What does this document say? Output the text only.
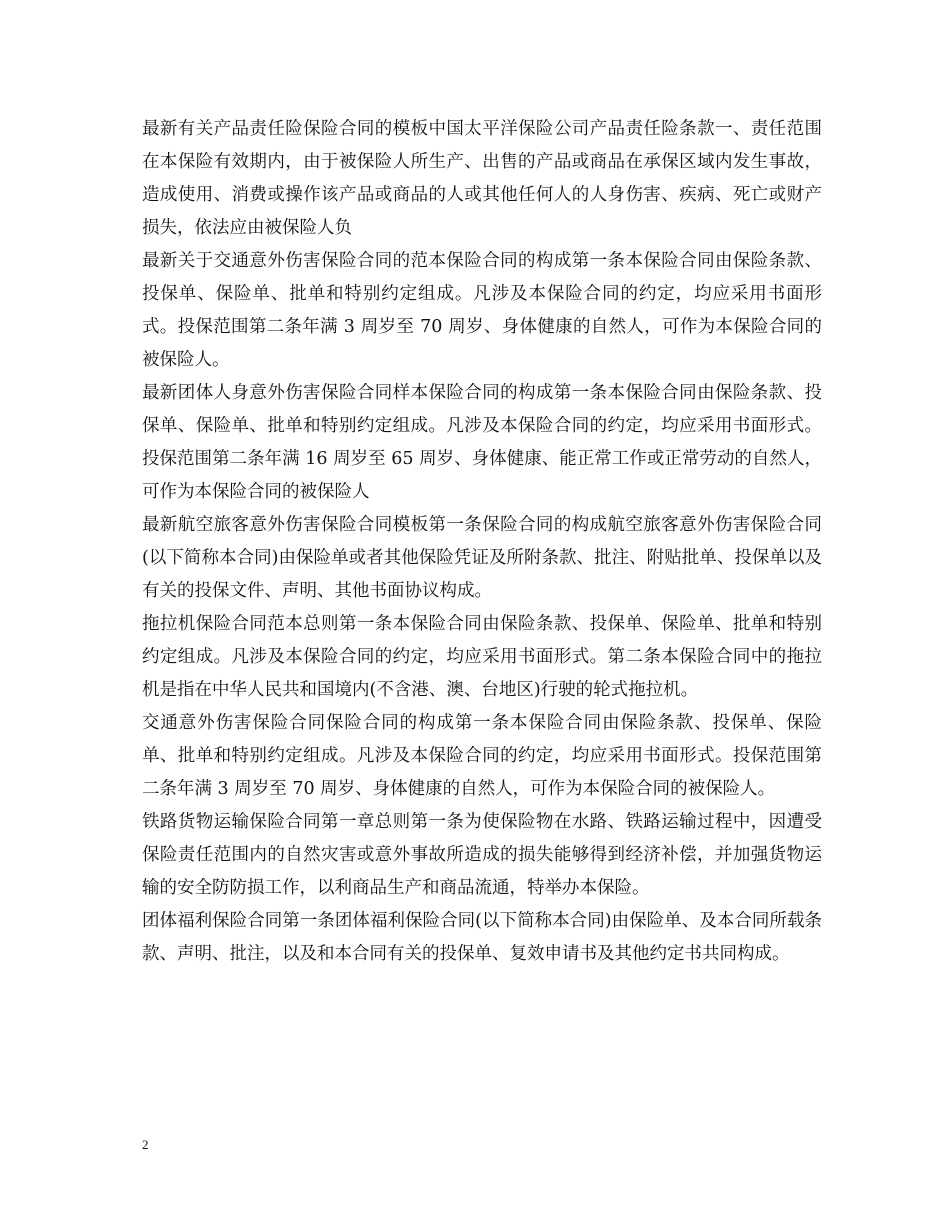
最新有关产品责任险保险合同的模板中国太平洋保险公司产品责任险条款一、责任范围在本保险有效期内，由于被保险人所生产、出售的产品或商品在承保区域内发生事故，造成使用、消费或操作该产品或商品的人或其他任何人的人身伤害、疾病、死亡或财产损失，依法应由被保险人负

最新关于交通意外伤害保险合同的范本保险合同的构成第一条本保险合同由保险条款、投保单、保险单、批单和特别约定组成。凡涉及本保险合同的约定，均应采用书面形式。投保范围第二条年满 3 周岁至 70 周岁、身体健康的自然人，可作为本保险合同的被保险人。

最新团体人身意外伤害保险合同样本保险合同的构成第一条本保险合同由保险条款、投保单、保险单、批单和特别约定组成。凡涉及本保险合同的约定，均应采用书面形式。投保范围第二条年满 16 周岁至 65 周岁、身体健康、能正常工作或正常劳动的自然人，可作为本保险合同的被保险人

最新航空旅客意外伤害保险合同模板第一条保险合同的构成航空旅客意外伤害保险合同(以下简称本合同)由保险单或者其他保险凭证及所附条款、批注、附贴批单、投保单以及有关的投保文件、声明、其他书面协议构成。

拖拉机保险合同范本总则第一条本保险合同由保险条款、投保单、保险单、批单和特别约定组成。凡涉及本保险合同的约定，均应采用书面形式。第二条本保险合同中的拖拉机是指在中华人民共和国境内(不含港、澳、台地区)行驶的轮式拖拉机。

交通意外伤害保险合同保险合同的构成第一条本保险合同由保险条款、投保单、保险单、批单和特别约定组成。凡涉及本保险合同的约定，均应采用书面形式。投保范围第二条年满 3 周岁至 70 周岁、身体健康的自然人，可作为本保险合同的被保险人。

铁路货物运输保险合同第一章总则第一条为使保险物在水路、铁路运输过程中，因遭受保险责任范围内的自然灾害或意外事故所造成的损失能够得到经济补偿，并加强货物运输的安全防防损工作，以利商品生产和商品流通，特举办本保险。

团体福利保险合同第一条团体福利保险合同(以下简称本合同)由保险单、及本合同所载条款、声明、批注，以及和本合同有关的投保单、复效申请书及其他约定书共同构成。

2
